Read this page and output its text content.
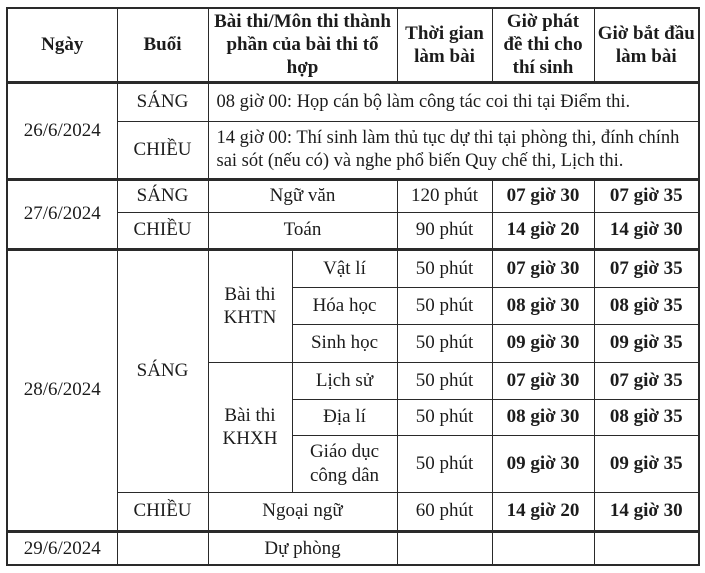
Ngày	Buổi	Bài thi/Môn thi thành phần của bài thi tổ hợp		Thời gian làm bài	Giờ phát đề thi cho thí sinh	Giờ bắt đầu làm bài
26/6/2024	SÁNG	08 giờ 00: Họp cán bộ làm công tác coi thi tại Điểm thi.				
	CHIỀU	14 giờ 00: Thí sinh làm thủ tục dự thi tại phòng thi, đính chính
sai sót (nếu có) và nghe phổ biến Quy chế thi, Lịch thi.				

27/6/2024	SÁNG	Ngữ văn		120 phút	07 giờ 30	07 giờ 35
	CHIỀU	Toán		90 phút	14 giờ 20	14 giờ 30
28/6/2024	SÁNG	Bài thi KHTN	Vật lí	50 phút	07 giờ 30	07 giờ 35
			Hóa học	50 phút	08 giờ 30	08 giờ 35
			Sinh học	50 phút	09 giờ 30	09 giờ 35
		Bài thi KHXH	Lịch sử	50 phút	07 giờ 30	07 giờ 35
			Địa lí	50 phút	08 giờ 30	08 giờ 35
			Giáo dục công dân	50 phút	09 giờ 30	09 giờ 35
	CHIỀU	Ngoại ngữ		60 phút	14 giờ 20	14 giờ 30
29/6/2024		Dự phòng				
